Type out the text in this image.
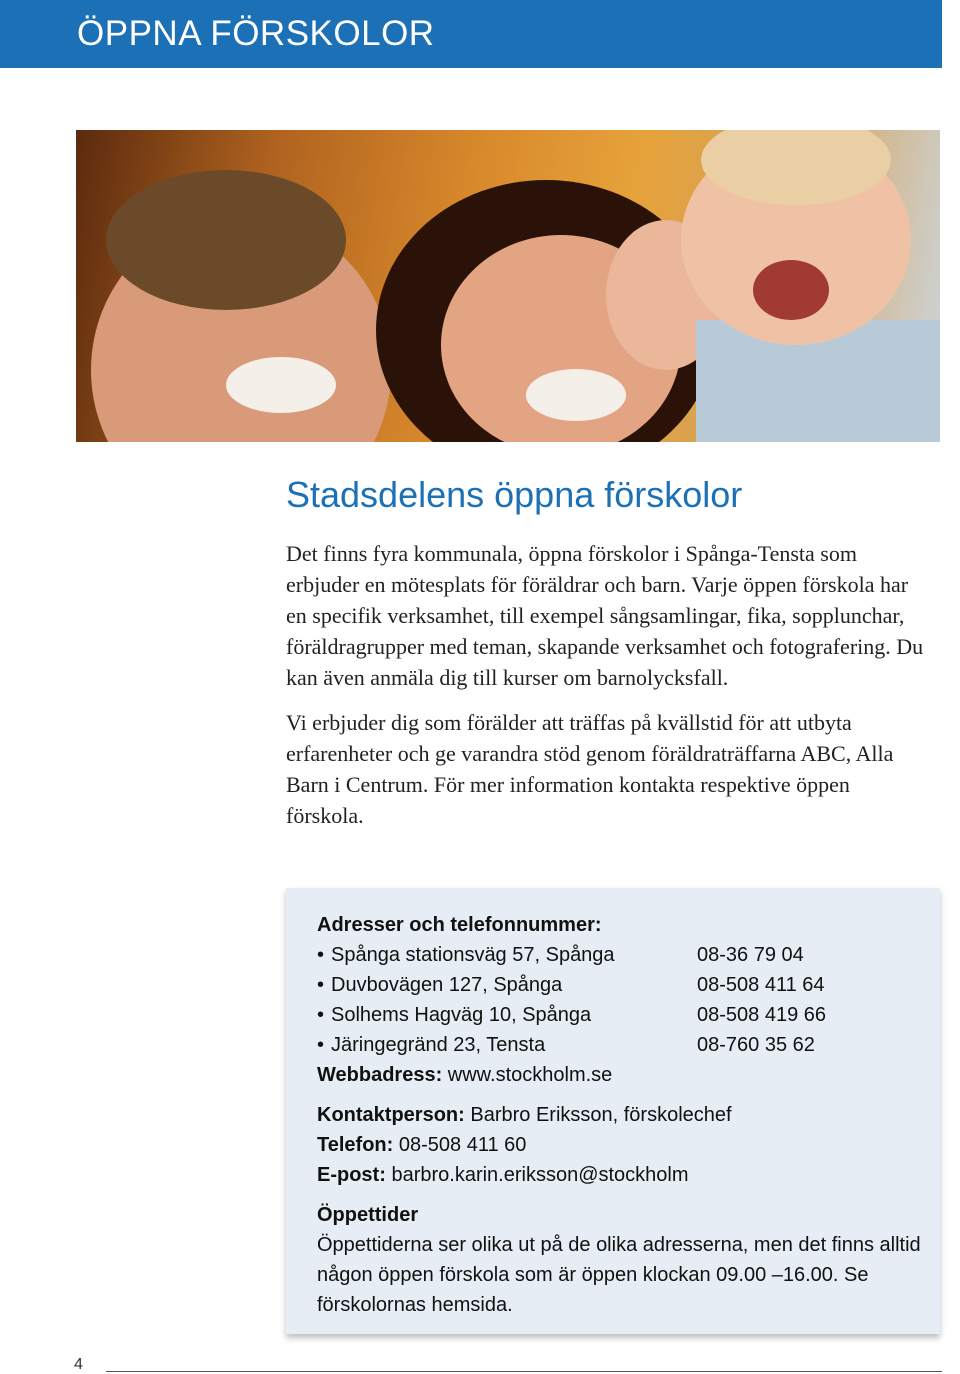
ÖPPNA FÖRSKOLOR
Stadsdelens öppna förskolor

Det finns fyra kommunala, öppna förskolor i Spånga-Tensta som erbjuder en mötesplats för föräldrar och barn. Varje öppen förskola har en specifik verksamhet, till exempel sångsamlingar, fika, sopplunchar, föräldragrupper med teman, skapande verksamhet och fotografering. Du kan även anmäla dig till kurser om barnolycksfall.

Vi erbjuder dig som förälder att träffas på kvällstid för att utbyta erfarenheter och ge varandra stöd genom föräldraträffarna ABC, Alla Barn i Centrum. För mer information kontakta respektive öppen förskola.

Adresser och telefonnummer:
• Spånga stationsväg 57, Spånga	08-36 79 04
• Duvbovägen 127, Spånga	08-508 411 64
• Solhems Hagväg 10, Spånga	08-508 419 66
• Järingegränd 23, Tensta	08-760 35 62
Webbadress: www.stockholm.se
Kontaktperson: Barbro Eriksson, förskolechef
Telefon: 08-508 411 60
E-post: barbro.karin.eriksson@stockholm
Öppettider
Öppettiderna ser olika ut på de olika adresserna, men det finns alltid någon öppen förskola som är öppen klockan 09.00 –16.00. Se förskolornas hemsida.
4
